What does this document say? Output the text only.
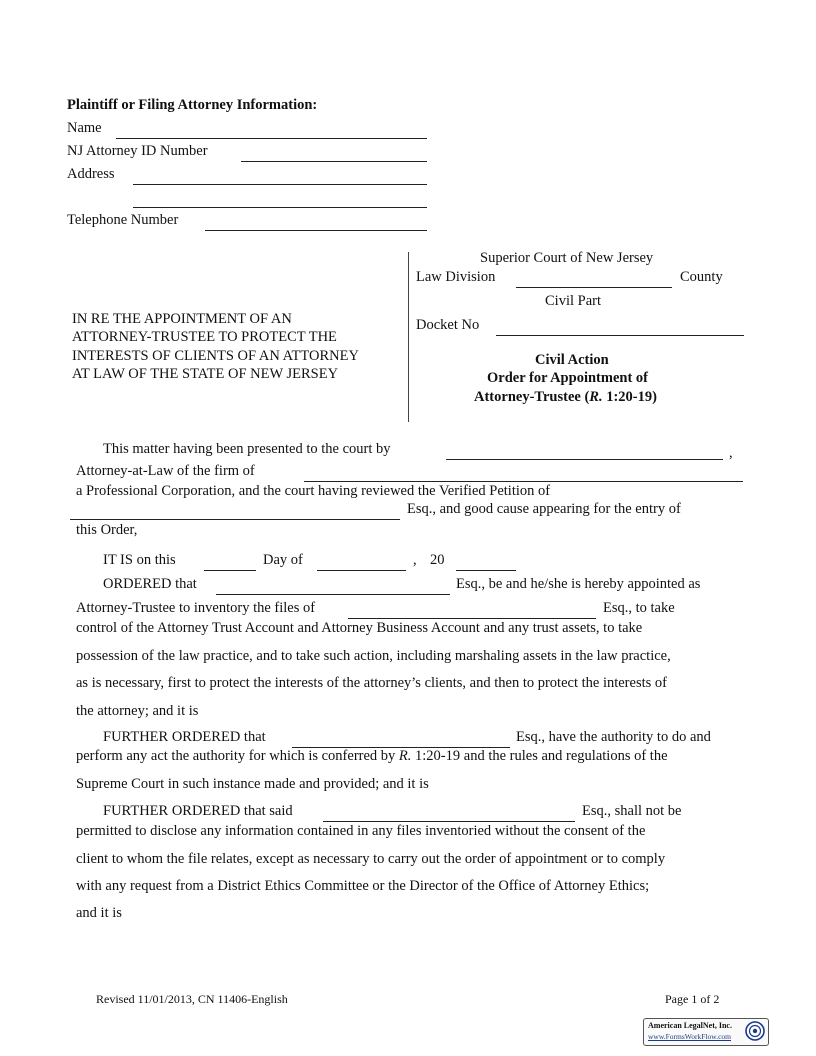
Plaintiff or Filing Attorney Information:
Name
NJ Attorney ID Number
Address
Telephone Number
IN RE THE APPOINTMENT OF AN
ATTORNEY-TRUSTEE TO PROTECT THE
INTERESTS OF CLIENTS OF AN ATTORNEY
AT LAW OF THE STATE OF NEW JERSEY
Superior Court of New Jersey
Law Division	County
Civil Part
Docket No
Civil Action
Order for Appointment of
Attorney-Trustee (R. 1:20-19)
This matter having been presented to the court by	,
Attorney-at-Law of the firm of
a Professional Corporation, and the court having reviewed the Verified Petition of
Esq., and good cause appearing for the entry of
this Order,
IT IS on this	Day of	, 20
ORDERED that	Esq., be and he/she is hereby appointed as
Attorney-Trustee to inventory the files of	Esq., to take
control of the Attorney Trust Account and Attorney Business Account and any trust assets, to take
possession of the law practice, and to take such action, including marshaling assets in the law practice,
as is necessary, first to protect the interests of the attorney’s clients, and then to protect the interests of
the attorney; and it is
FURTHER ORDERED that	Esq., have the authority to do and
perform any act the authority for which is conferred by R. 1:20-19 and the rules and regulations of the
Supreme Court in such instance made and provided; and it is
FURTHER ORDERED that said	Esq., shall not be
permitted to disclose any information contained in any files inventoried without the consent of the
client to whom the file relates, except as necessary to carry out the order of appointment or to comply
with any request from a District Ethics Committee or the Director of the Office of Attorney Ethics;
and it is
Revised 11/01/2013, CN 11406-English	Page 1 of 2
American LegalNet, Inc.
www.FormsWorkFlow.com
